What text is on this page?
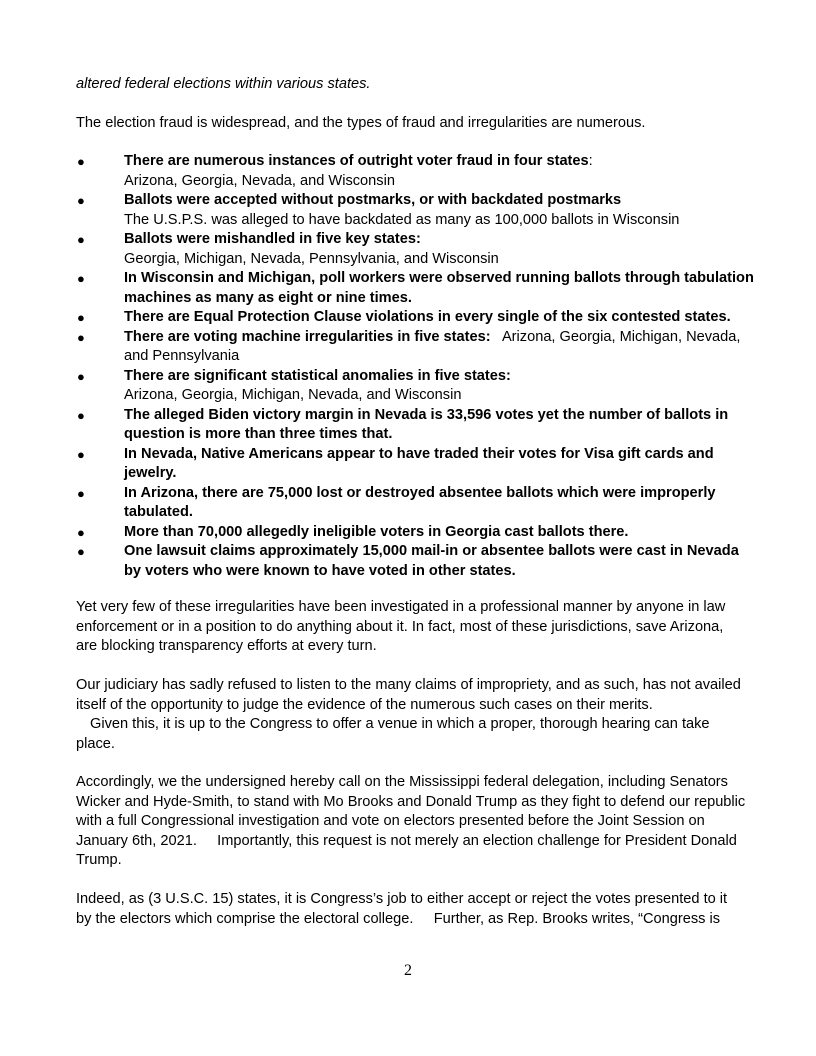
altered federal elections within various states.
The election fraud is widespread, and the types of fraud and irregularities are numerous.
●	There are numerous instances of outright voter fraud in four states:
Arizona, Georgia, Nevada, and Wisconsin
●	Ballots were accepted without postmarks, or with backdated postmarks
The U.S.P.S. was alleged to have backdated as many as 100,000 ballots in Wisconsin
●	Ballots were mishandled in five key states:
Georgia, Michigan, Nevada, Pennsylvania, and Wisconsin
●	In Wisconsin and Michigan, poll workers were observed running ballots through tabulation machines as many as eight or nine times.
●	There are Equal Protection Clause violations in every single of the six contested states.
●	There are voting machine irregularities in five states:   Arizona, Georgia, Michigan, Nevada, and Pennsylvania
●	There are significant statistical anomalies in five states:
Arizona, Georgia, Michigan, Nevada, and Wisconsin
●	The alleged Biden victory margin in Nevada is 33,596 votes yet the number of ballots in question is more than three times that.
●	In Nevada, Native Americans appear to have traded their votes for Visa gift cards and jewelry.
●	In Arizona, there are 75,000 lost or destroyed absentee ballots which were improperly tabulated.
●	More than 70,000 allegedly ineligible voters in Georgia cast ballots there.
●	One lawsuit claims approximately 15,000 mail-in or absentee ballots were cast in Nevada by voters who were known to have voted in other states.
Yet very few of these irregularities have been investigated in a professional manner by anyone in law enforcement or in a position to do anything about it. In fact, most of these jurisdictions, save Arizona, are blocking transparency efforts at every turn.
Our judiciary has sadly refused to listen to the many claims of impropriety, and as such, has not availed itself of the opportunity to judge the evidence of the numerous such cases on their merits.
Given this, it is up to the Congress to offer a venue in which a proper, thorough hearing can take place.
Accordingly, we the undersigned hereby call on the Mississippi federal delegation, including Senators Wicker and Hyde-Smith, to stand with Mo Brooks and Donald Trump as they fight to defend our republic with a full Congressional investigation and vote on electors presented before the Joint Session on January 6th, 2021.     Importantly, this request is not merely an election challenge for President Donald Trump.
Indeed, as (3 U.S.C. 15) states, it is Congress’s job to either accept or reject the votes presented to it by the electors which comprise the electoral college.     Further, as Rep. Brooks writes, “Congress is
2
